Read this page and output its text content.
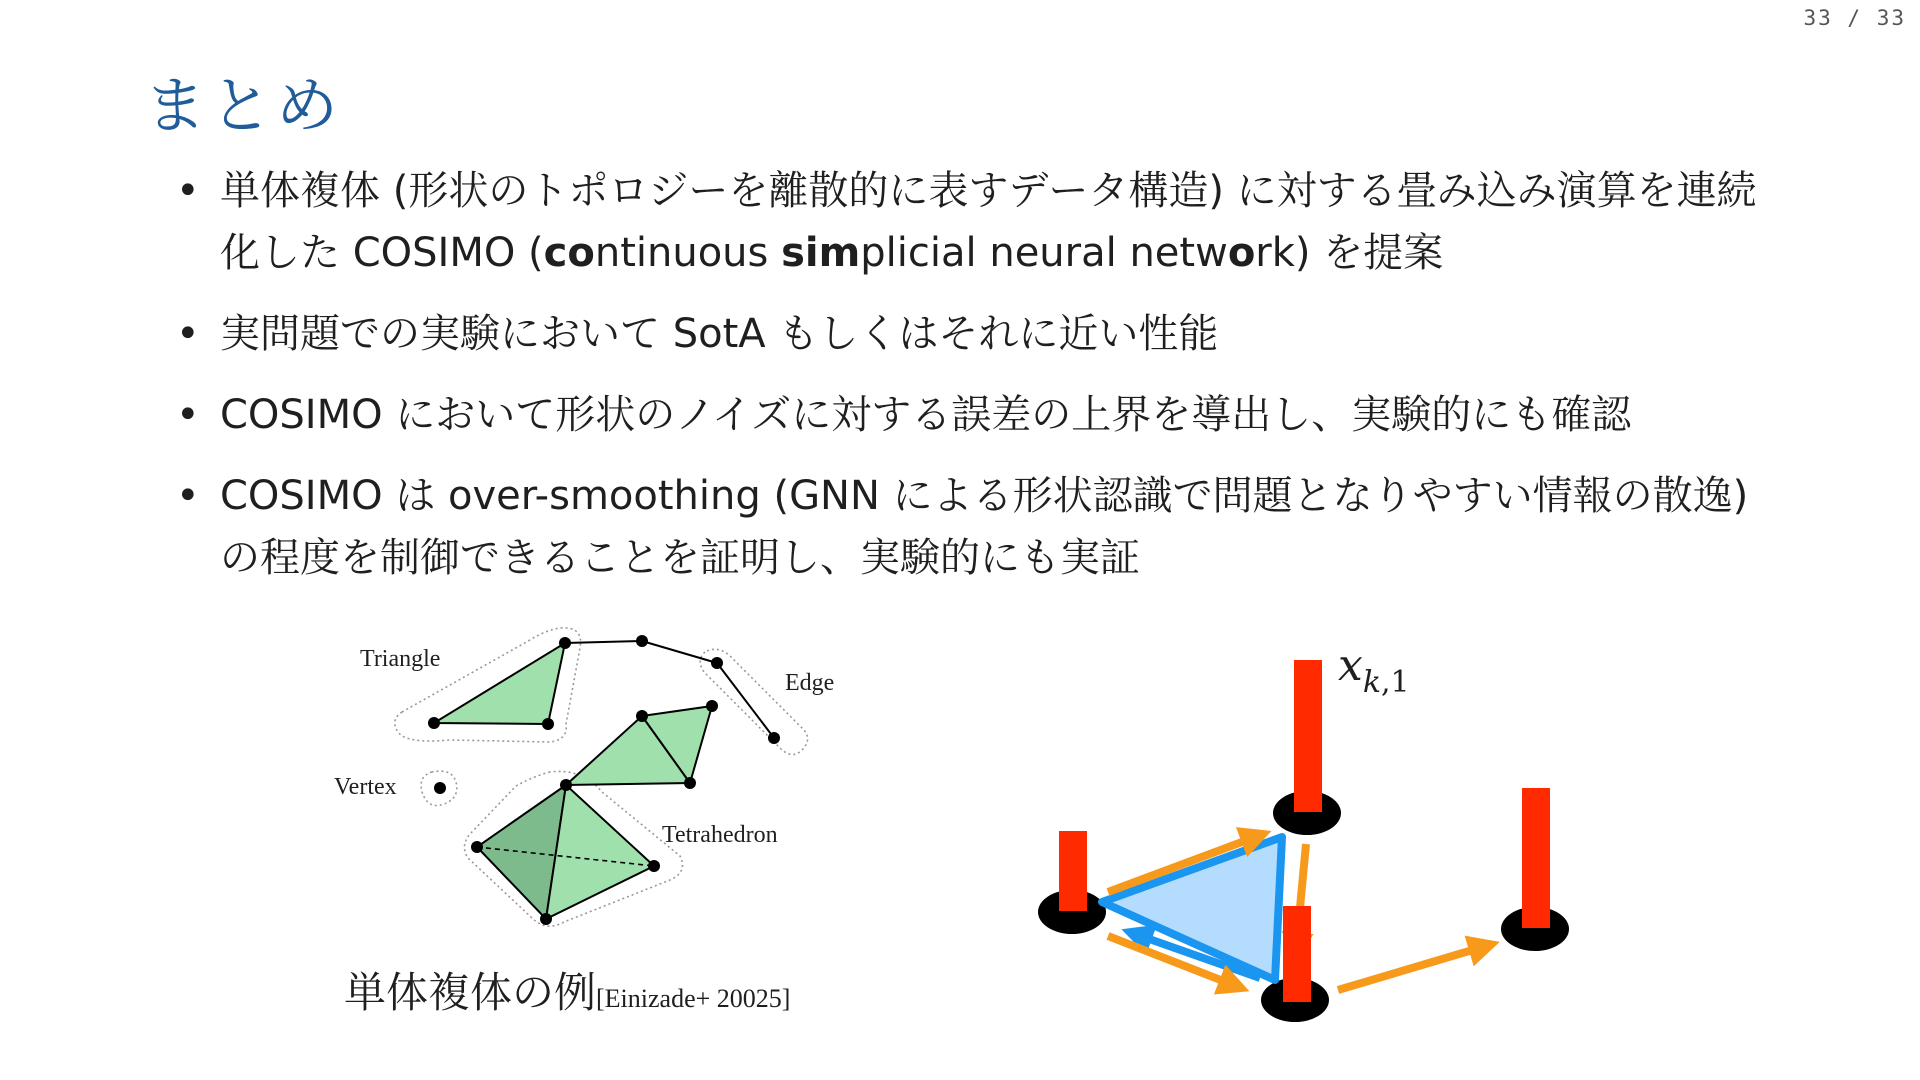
33 / 33
まとめ
• 単体複体 (形状のトポロジーを離散的に表すデータ構造) に対する畳み込み演算を連続化した COSIMO (continuous simplicial neural network) を提案
• 実問題での実験において SotA もしくはそれに近い性能
• COSIMO において形状のノイズに対する誤差の上界を導出し、実験的にも確認
• COSIMO は over-smoothing (GNN による形状認識で問題となりやすい情報の散逸) の程度を制御できることを証明し、実験的にも実証
Triangle
Edge
Vertex
Tetrahedron
単体複体の例[Einizade+ 20025]
$x_{k,1}$
